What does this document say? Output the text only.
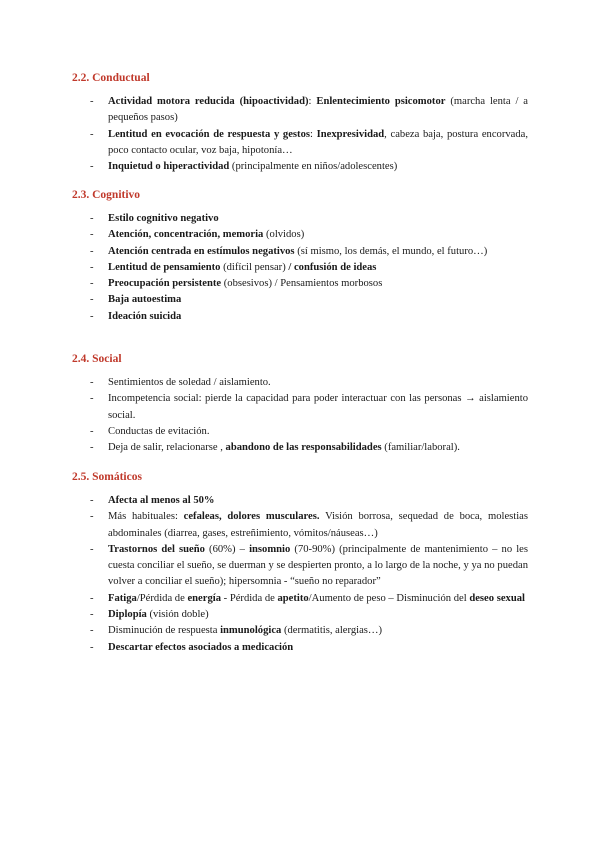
2.2. Conductual
- Actividad motora reducida (hipoactividad): Enlentecimiento psicomotor (marcha lenta / a pequeños pasos)
- Lentitud en evocación de respuesta y gestos: Inexpresividad, cabeza baja, postura encorvada, poco contacto ocular, voz baja, hipotonía…
- Inquietud o hiperactividad (principalmente en niños/adolescentes)
2.3. Cognitivo
- Estilo cognitivo negativo
- Atención, concentración, memoria (olvidos)
- Atención centrada en estímulos negativos (sí mismo, los demás, el mundo, el futuro…)
- Lentitud de pensamiento (difícil pensar) / confusión de ideas
- Preocupación persistente (obsesivos) / Pensamientos morbosos
- Baja autoestima
- Ideación suicida
2.4. Social
- Sentimientos de soledad / aislamiento.
- Incompetencia social: pierde la capacidad para poder interactuar con las personas → aislamiento social.
- Conductas de evitación.
- Deja de salir, relacionarse , abandono de las responsabilidades (familiar/laboral).
2.5. Somáticos
- Afecta al menos al 50%
- Más habituales: cefaleas, dolores musculares. Visión borrosa, sequedad de boca, molestias abdominales (diarrea, gases, estreñimiento, vómitos/náuseas…)
- Trastornos del sueño (60%) – insomnio (70-90%) (principalmente de mantenimiento – no les cuesta conciliar el sueño, se duerman y se despierten pronto, a lo largo de la noche, y ya no puedan volver a conciliar el sueño); hipersomnia - “sueño no reparador”
- Fatiga/Pérdida de energía - Pérdida de apetito/Aumento de peso – Disminución del deseo sexual
- Diplopía (visión doble)
- Disminución de respuesta inmunológica (dermatitis, alergias…)
- Descartar efectos asociados a medicación
